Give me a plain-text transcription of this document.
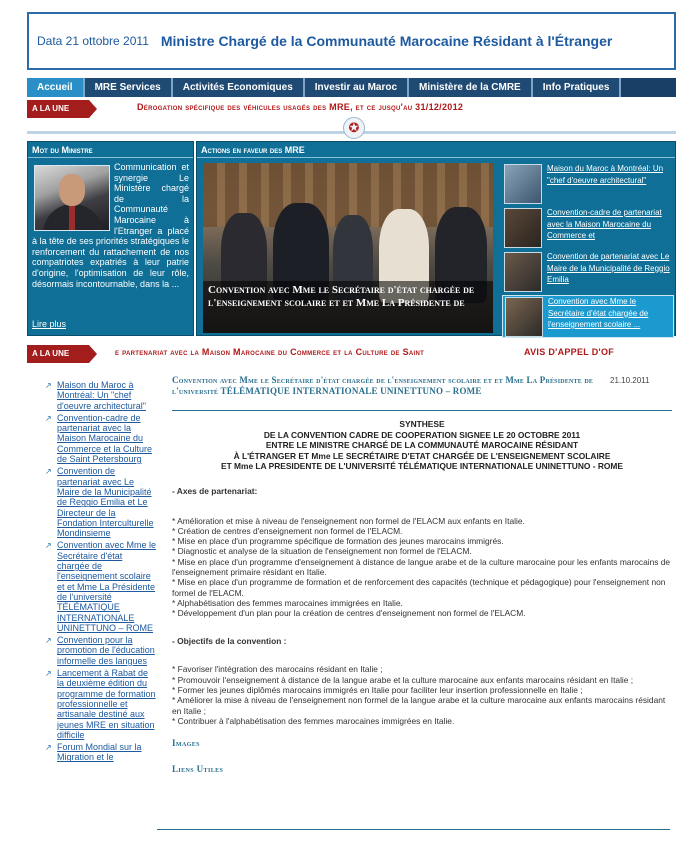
Data 21 ottobre 2011 Ministre Chargé de la Communauté Marocaine Résidant à l'Étranger
Accueil	MRE Services	Activités Economiques	Investir au Maroc	Ministère de la CMRE	Info Pratiques
A LA UNE	Dérogation spécifique des véhicules usagés des MRE, et ce jusqu'au 31/12/2012
✪
Mot du Ministre
Communication et synergie Le Ministère chargé de la Communauté Marocaine à l'Etranger a placé à la tête de ses priorités stratégiques le renforcement du rattachement de nos compatriotes expatriés à leur patrie d'origine, l'optimisation de leur rôle, désormais incontournable, dans la ...
Lire plus
Actions en faveur des MRE
Convention avec Mme le Secrétaire d'état chargée de l'enseignement scolaire et et Mme La Présidente de
Maison du Maroc à Montréal: Un "chef d'oeuvre architectural"
Convention-cadre de partenariat avec la Maison Marocaine du Commerce et
Convention de partenariat avec Le Maire de la Municipalité de Reggio Emilia
Convention avec Mme le Secrétaire d'état chargée de l'enseignement scolaire ...
A LA UNE	e partenariat avec la Maison Marocaine du Commerce et la Culture de Saint	AVIS D'APPEL D'OF
↗ Maison du Maroc à Montréal: Un "chef d'oeuvre architectural"
↗ Convention-cadre de partenariat avec la Maison Marocaine du Commerce et la Culture de Saint Petersbourg
↗ Convention de partenariat avec Le Maire de la Municipalité de Reggio Emilia et Le Directeur de la Fondation Interculturelle Mondinsieme
↗ Convention avec Mme le Secrétaire d'état chargée de l'enseignement scolaire et et Mme La Présidente de l'université TÉLÉMATIQUE INTERNATIONALE UNINETTUNO – ROME
↗ Convention pour la promotion de l'éducation informelle des langues
↗ Lancement à Rabat de la deuxième édition du programme de formation professionnelle et artisanale destiné aux jeunes MRE en situation difficile
↗ Forum Mondial sur la Migration et le
Convention avec Mme le Secrétaire d'état chargée de l'enseignement scolaire et et Mme La Présidente de l'université TÉLÉMATIQUE INTERNATIONALE UNINETTUNO – ROME
21.10.2011
SYNTHESE
DE LA CONVENTION CADRE DE COOPERATION SIGNEE LE 20 OCTOBRE 2011
ENTRE LE MINISTRE CHARGÉ DE LA COMMUNAUTÉ MAROCAINE RÉSIDANT
À L'ÉTRANGER ET Mme LE SECRÉTAIRE D'ETAT CHARGÉE DE L'ENSEIGNEMENT SCOLAIRE
ET Mme LA PRESIDENTE DE L'UNIVERSITÉ TÉLÉMATIQUE INTERNATIONALE UNINETTUNO - ROME
- Axes de partenariat:
* Amélioration et mise à niveau de l'enseignement non formel de l'ELACM aux enfants en Italie.
* Création de centres d'enseignement non formel de l'ELACM.
* Mise en place d'un programme spécifique de formation des jeunes marocains immigrés.
* Diagnostic et analyse de la situation de l'enseignement non formel de l'ELACM.
* Mise en place d'un programme d'enseignement à distance de langue arabe et de la culture marocaine pour les enfants marocains de l'enseignement primaire résidant en Italie.
* Mise en place d'un programme de formation et de renforcement des capacités (technique et pédagogique) pour l'enseignement non formel de l'ELACM.
* Alphabétisation des femmes marocaines immigrées en Italie.
* Développement d'un plan pour la création de centres d'enseignement non formel de l'ELACM.
- Objectifs de la convention :
* Favoriser l'intégration des marocains résidant en Italie ;
* Promouvoir l'enseignement à distance de la langue arabe et la culture marocaine aux enfants marocains résidant en Italie ;
* Former les jeunes diplômés marocains immigrés en Italie pour faciliter leur insertion professionnelle en Italie ;
* Améliorer la mise à niveau de l'enseignement non formel de la langue arabe et la culture marocaine aux enfants marocains résidant en Italie ;
* Contribuer à l'alphabétisation des femmes marocaines immigrées en Italie.
Images
Liens Utiles
